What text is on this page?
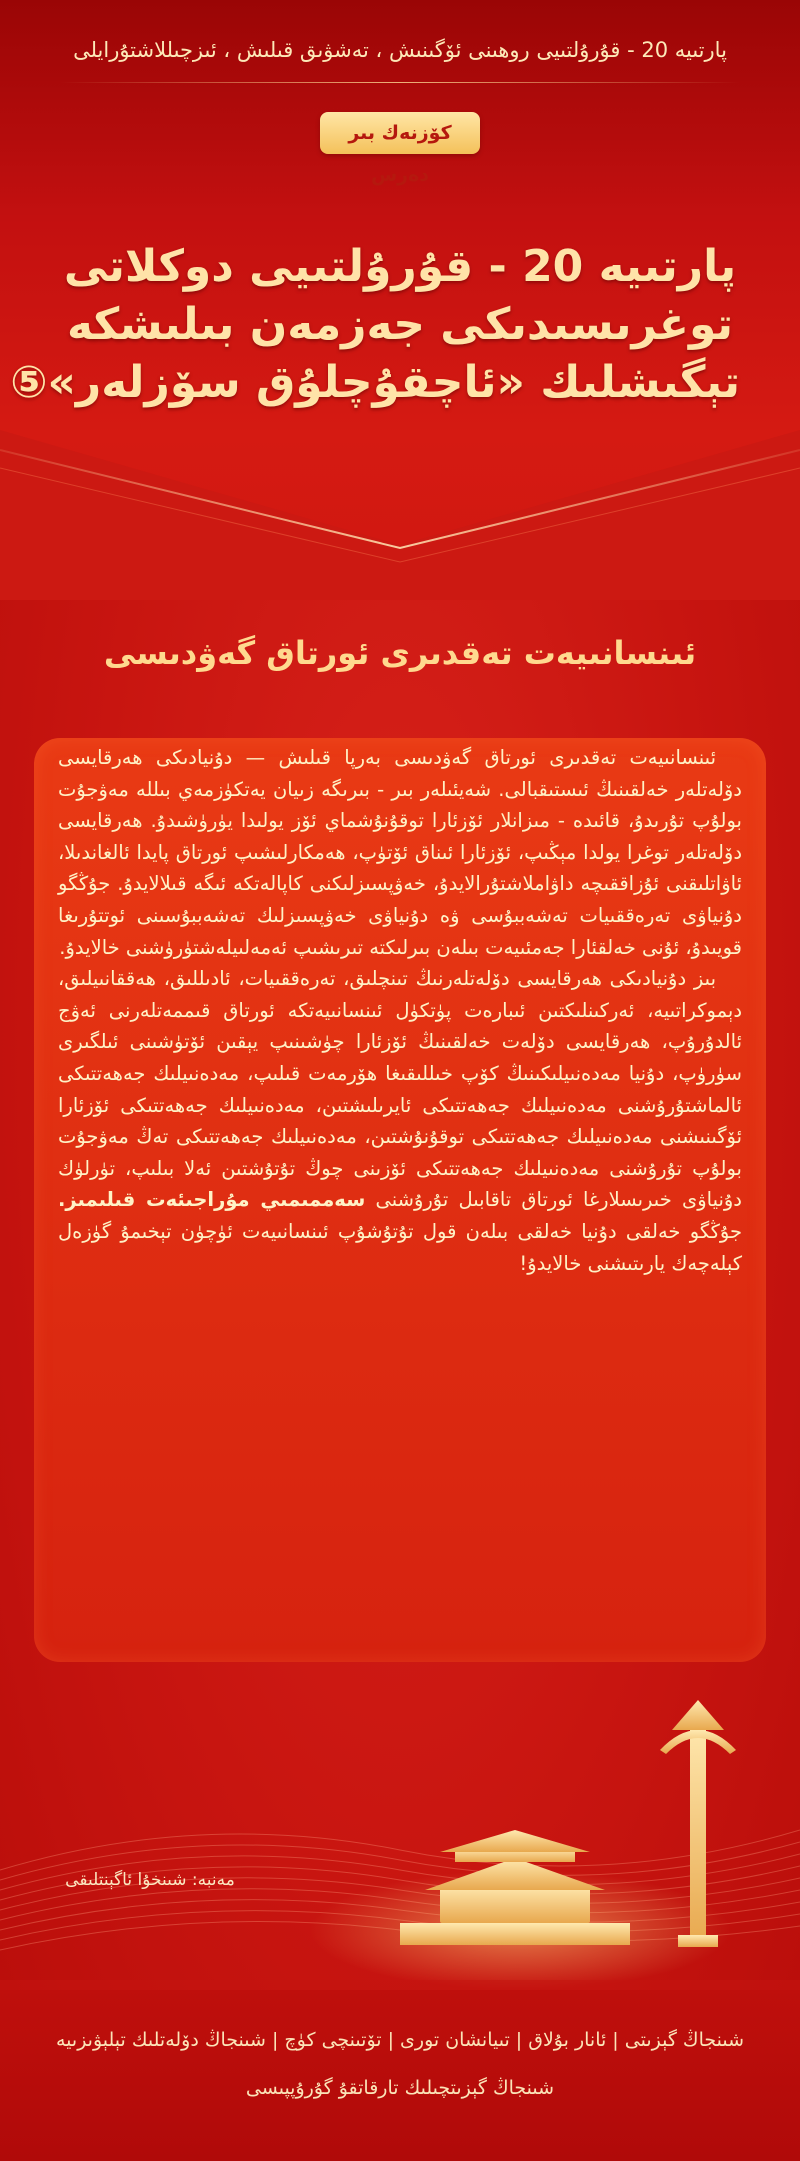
پارتىيە 20 - قۇرۇلتىيى روھىنى ئۆگىنىش ، تەشۋىق قىلىش ، ئىزچىللاشتۇرايلى
كۆزنەك بىر دەرس
پارتىيە 20 - قۇرۇلتىيى دوكلاتى
توغرىسىدىكى جەزمەن بىلىشكە
تېگىشلىك «ئاچقۇچلۇق سۆزلەر»⑤
ئىنسانىيەت تەقدىرى ئورتاق گەۋدىسى

ئىنسانىيەت تەقدىرى ئورتاق گەۋدىسى بەرپا قىلىش — دۇنيادىكى ھەرقايسى دۆلەتلەر خەلقىنىڭ ئىستىقبالى. شەيئىلەر بىر - بىرىگە زىيان يەتكۈزمەي بىللە مەۋجۇت بولۇپ تۇرىدۇ، قائىدە - مىزانلار ئۆزئارا توقۇنۇشماي ئۆز يولىدا يۈرۈشىدۇ. ھەرقايسى دۆلەتلەر توغرا يولدا مېڭىپ، ئۆزئارا ئىناق ئۆتۈپ، ھەمكارلىشىپ ئورتاق پايدا ئالغاندىلا، ئاۋاتلىقنى ئۇزاققىچە داۋاملاشتۇرالايدۇ، خەۋپسىزلىكنى كاپالەتكە ئىگە قىلالايدۇ. جۇڭگو دۇنياۋى تەرەققىيات تەشەببۇسى ۋە دۇنياۋى خەۋپسىزلىك تەشەببۇسىنى ئوتتۇرىغا قويىدۇ، ئۇنى خەلقئارا جەمئىيەت بىلەن بىرلىكتە تىرىشىپ ئەمەلىيلەشتۈرۈشنى خالايدۇ.

بىز دۇنيادىكى ھەرقايسى دۆلەتلەرنىڭ تىنچلىق، تەرەققىيات، ئادىللىق، ھەققانىيلىق، دېموكراتىيە، ئەركىنلىكتىن ئىبارەت پۈتكۈل ئىنسانىيەتكە ئورتاق قىممەتلەرنى ئەۋج ئالدۇرۇپ، ھەرقايسى دۆلەت خەلقىنىڭ ئۆزئارا چۈشىنىپ يېقىن ئۆتۈشىنى ئىلگىرى سۈرۈپ، دۇنيا مەدەنىيلىكىنىڭ كۆپ خىللىقىغا ھۆرمەت قىلىپ، مەدەنىيلىك جەھەتتىكى ئالماشتۇرۇشنى مەدەنىيلىك جەھەتتىكى ئايرىلىشتىن، مەدەنىيلىك جەھەتتىكى ئۆزئارا ئۆگىنىشنى مەدەنىيلىك جەھەتتىكى توقۇنۇشتىن، مەدەنىيلىك جەھەتتىكى تەڭ مەۋجۇت بولۇپ تۇرۇشنى مەدەنىيلىك جەھەتتىكى ئۆزىنى چوڭ تۇتۇشتىن ئەلا بىلىپ، تۈرلۈك دۇنياۋى خىرىسلارغا ئورتاق تاقابىل تۇرۇشنى سەممىمىي مۇراجىئەت قىلىمىز. جۇڭگو خەلقى دۇنيا خەلقى بىلەن قول تۇتۇشۇپ ئىنسانىيەت ئۈچۈن تېخىمۇ گۈزەل كېلەچەك يارىتىشنى خالايدۇ!

مەنبە: شىنخۇا ئاگېنتلىقى
شىنجاڭ گېزىتى | ئانار بۇلاق | تىيانشان تورى | تۆتىنچى كۈچ | شىنجاڭ دۆلەتلىك تېلېۋىزىيە
شىنجاڭ گېزىتچىلىك تارقاتقۇ گۇرۇپپىسى
